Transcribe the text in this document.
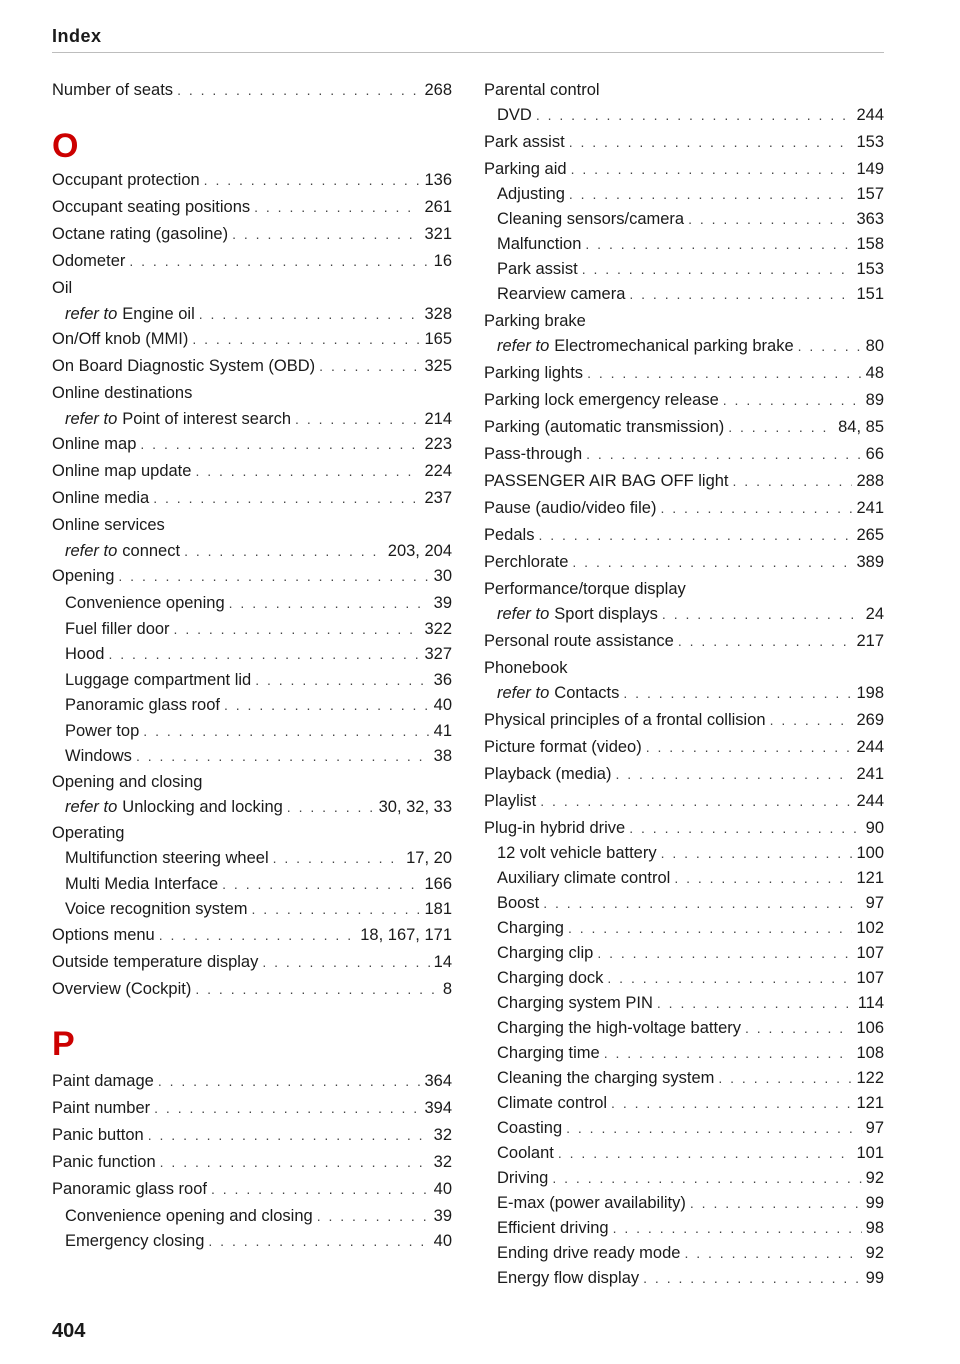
Index
Number of seats . . .	268
O
Occupant protection . . .	136
Occupant seating positions . . .	261
Octane rating (gasoline) . . .	321
Odometer . . .	16
Oil
refer to Engine oil . . .	328
On/Off knob (MMI) . . .	165
On Board Diagnostic System (OBD) . . .	325
Online destinations
refer to Point of interest search . . .	214
Online map . . .	223
Online map update . . .	224
Online media . . .	237
Online services
refer to connect . . .	203, 204
Opening . . .	30
Convenience opening . . .	39
Fuel filler door . . .	322
Hood . . .	327
Luggage compartment lid . . .	36
Panoramic glass roof . . .	40
Power top . . .	41
Windows . . .	38
Opening and closing
refer to Unlocking and locking . . .	30, 32, 33
Operating
Multifunction steering wheel . . .	17, 20
Multi Media Interface . . .	166
Voice recognition system . . .	181
Options menu . . .	18, 167, 171
Outside temperature display . . .	14
Overview (Cockpit) . . .	8
P
Paint damage . . .	364
Paint number . . .	394
Panic button . . .	32
Panic function . . .	32
Panoramic glass roof . . .	40
Convenience opening and closing . . .	39
Emergency closing . . .	40
Parental control
DVD . . .	244
Park assist . . .	153
Parking aid . . .	149
Adjusting . . .	157
Cleaning sensors/camera . . .	363
Malfunction . . .	158
Park assist . . .	153
Rearview camera . . .	151
Parking brake
refer to Electromechanical parking brake . . .	80
Parking lights . . .	48
Parking lock emergency release . . .	89
Parking (automatic transmission) . . .	84, 85
Pass-through . . .	66
PASSENGER AIR BAG OFF light . . .	288
Pause (audio/video file) . . .	241
Pedals . . .	265
Perchlorate . . .	389
Performance/torque display
refer to Sport displays . . .	24
Personal route assistance . . .	217
Phonebook
refer to Contacts . . .	198
Physical principles of a frontal collision . . .	269
Picture format (video) . . .	244
Playback (media) . . .	241
Playlist . . .	244
Plug-in hybrid drive . . .	90
12 volt vehicle battery . . .	100
Auxiliary climate control . . .	121
Boost . . .	97
Charging . . .	102
Charging clip . . .	107
Charging dock . . .	107
Charging system PIN . . .	114
Charging the high-voltage battery . . .	106
Charging time . . .	108
Cleaning the charging system . . .	122
Climate control . . .	121
Coasting . . .	97
Coolant . . .	101
Driving . . .	92
E-max (power availability) . . .	99
Efficient driving . . .	98
Ending drive ready mode . . .	92
Energy flow display . . .	99
404
